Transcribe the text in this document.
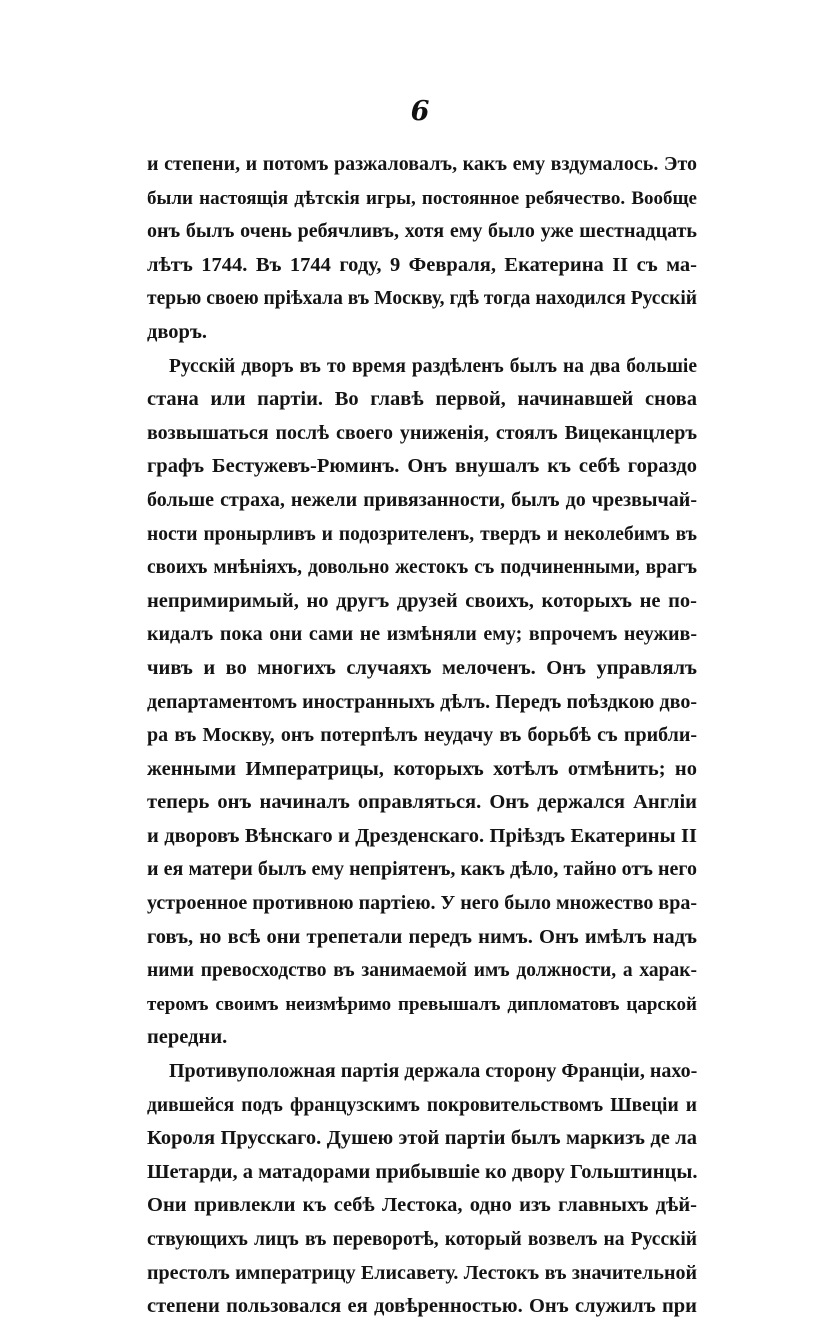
6
и степени, и потомъ разжаловалъ, какъ ему вздумалось. Это
были настоящія дѣтскія игры, постоянное ребячество. Вообще
онъ былъ очень ребячливъ, хотя ему было уже шестнадцать
лѣтъ 1744. Въ 1744 году, 9 Февраля, Екатерина II съ ма-
терью своею пріѣхала въ Москву, гдѣ тогда находился Русскій
дворъ.
Русскій дворъ въ то время раздѣленъ былъ на два большіе
стана или партіи. Во главѣ первой, начинавшей снова
возвышаться послѣ своего униженія, стоялъ Вицеканцлеръ
графъ Бестужевъ-Рюминъ. Онъ внушалъ къ себѣ гораздо
больше страха, нежели привязанности, былъ до чрезвычай-
ности пронырливъ и подозрителенъ, твердъ и неколебимъ въ
своихъ мнѣніяхъ, довольно жестокъ съ подчиненными, врагъ
непримиримый, но другъ друзей своихъ, которыхъ не по-
кидалъ пока они сами не измѣняли ему; впрочемъ неужив-
чивъ и во многихъ случаяхъ мелоченъ. Онъ управлялъ
департаментомъ иностранныхъ дѣлъ. Передъ поѣздкою дво-
ра въ Москву, онъ потерпѣлъ неудачу въ борьбѣ съ прибли-
женными Императрицы, которыхъ хотѣлъ отмѣнить; но
теперь онъ начиналъ оправляться. Онъ держался Англіи
и дворовъ Вѣнскаго и Дрезденскаго. Пріѣздъ Екатерины II
и ея матери былъ ему непріятенъ, какъ дѣло, тайно отъ него
устроенное противною партіею. У него было множество вра-
говъ, но всѣ они трепетали передъ нимъ. Онъ имѣлъ надъ
ними превосходство въ занимаемой имъ должности, а харак-
теромъ своимъ неизмѣримо превышалъ дипломатовъ царской
передни.
Противуположная партія держала сторону Франціи, нахо-
дившейся подъ французскимъ покровительствомъ Швеціи и
Короля Прусскаго. Душею этой партіи былъ маркизъ де ла
Шетарди, а матадорами прибывшіе ко двору Гольштинцы.
Они привлекли къ себѣ Лестока, одно изъ главныхъ дѣй-
ствующихъ лицъ въ переворотѣ, который возвелъ на Русскій
престолъ императрицу Елисавету. Лестокъ въ значительной
степени пользовался ея довѣренностью. Онъ служилъ при
